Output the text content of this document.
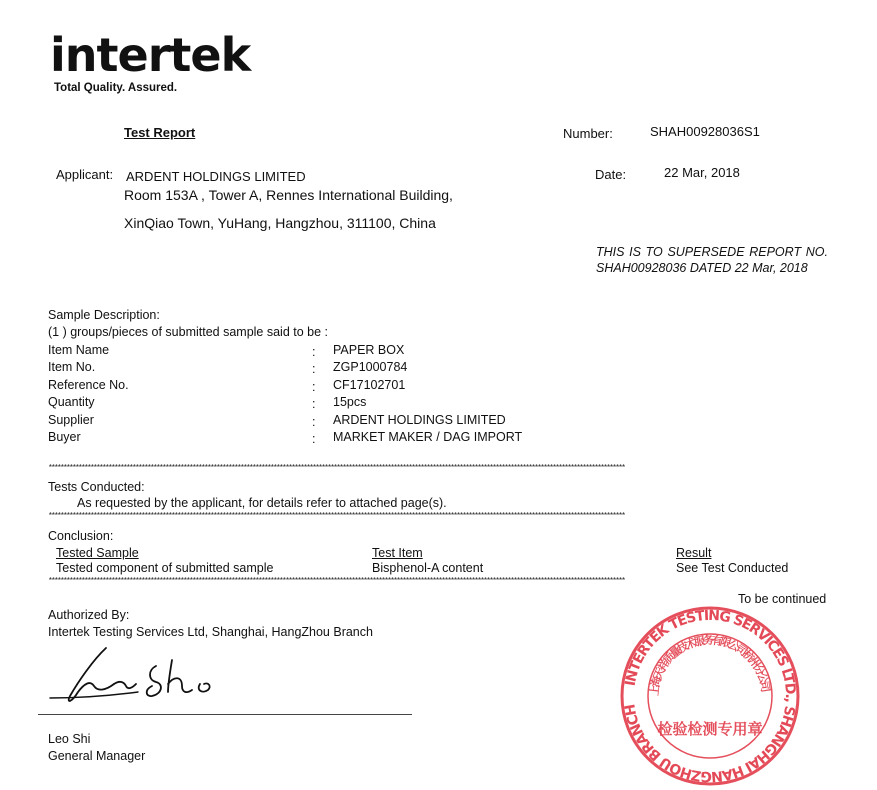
intertek
Total Quality. Assured.
Test Report	Number:	SHAH00928036S1
Applicant: ARDENT HOLDINGS LIMITED
Room 153A , Tower A, Rennes International Building,
XinQiao Town, YuHang, Hangzhou, 311100, China
Date:	22 Mar, 2018
THIS IS TO SUPERSEDE REPORT NO. SHAH00928036 DATED 22 Mar, 2018
Sample Description:
(1 ) groups/pieces of submitted sample said to be :
Item Name	: PAPER BOX
Item No.	: ZGP1000784
Reference No.	: CF17102701
Quantity	: 15pcs
Supplier	: ARDENT HOLDINGS LIMITED
Buyer	: MARKET MAKER / DAG IMPORT
************************************************************************************************************************************************************************************************
Tests Conducted:
As requested by the applicant, for details refer to attached page(s).
************************************************************************************************************************************************************************************************
Conclusion:
Tested Sample	Test Item	Result
Tested component of submitted sample	Bisphenol-A content	See Test Conducted
************************************************************************************************************************************************************************************************
To be continued
Authorized By:
Intertek Testing Services Ltd, Shanghai, HangZhou Branch
Leo Shi
General Manager
INTERTEK TESTING SERVICES LTD., SHANGHAI HANGZHOU BRANCH
上海天祥质量技术服务有限公司杭州分公司
检验检测专用章
